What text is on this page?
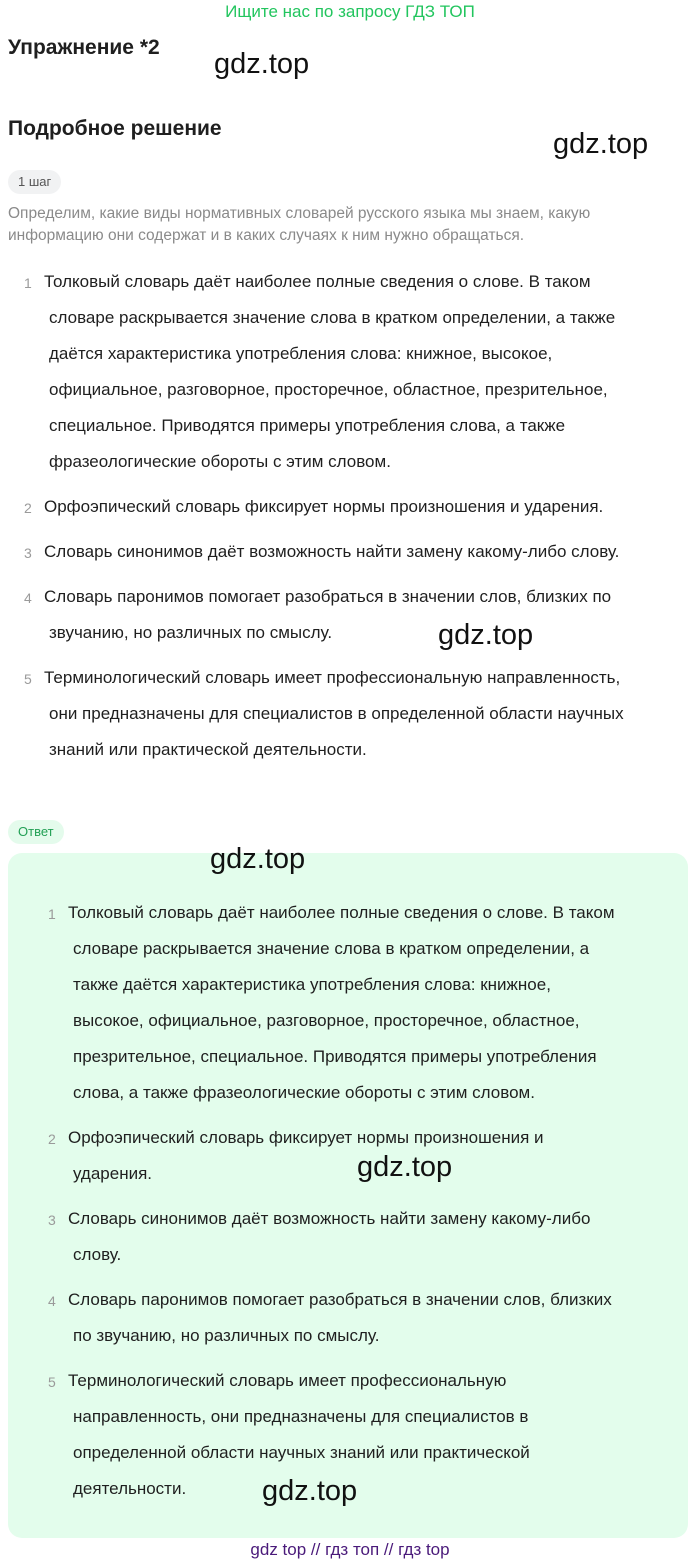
Ищите нас по запросу ГДЗ ТОП
Упражнение *2
gdz.top
Подробное решение	gdz.top
1 шаг
Определим, какие виды нормативных словарей русского языка мы знаем, какую
информацию они содержат и в каких случаях к ним нужно обращаться.
1 Толковый словарь даёт наиболее полные сведения о слове. В таком
словаре раскрывается значение слова в кратком определении, а также
даётся характеристика употребления слова: книжное, высокое,
официальное, разговорное, просторечное, областное, презрительное,
специальное. Приводятся примеры употребления слова, а также
фразеологические обороты с этим словом.
2 Орфоэпический словарь фиксирует нормы произношения и ударения.
3 Словарь синонимов даёт возможность найти замену какому-либо слову.
4 Словарь паронимов помогает разобраться в значении слов, близких по
звучанию, но различных по смыслу.
5 Терминологический словарь имеет профессиональную направленность,
они предназначены для специалистов в определенной области научных
знаний или практической деятельности.
gdz.top
Ответ
gdz.top
1 Толковый словарь даёт наиболее полные сведения о слове. В таком
словаре раскрывается значение слова в кратком определении, а
также даётся характеристика употребления слова: книжное,
высокое, официальное, разговорное, просторечное, областное,
презрительное, специальное. Приводятся примеры употребления
слова, а также фразеологические обороты с этим словом.
2 Орфоэпический словарь фиксирует нормы произношения и
ударения.
3 Словарь синонимов даёт возможность найти замену какому-либо
слову.
4 Словарь паронимов помогает разобраться в значении слов, близких
по звучанию, но различных по смыслу.
5 Терминологический словарь имеет профессиональную
направленность, они предназначены для специалистов в
определенной области научных знаний или практической
деятельности.
gdz.top
gdz.top
gdz top // гдз топ // гдз top
